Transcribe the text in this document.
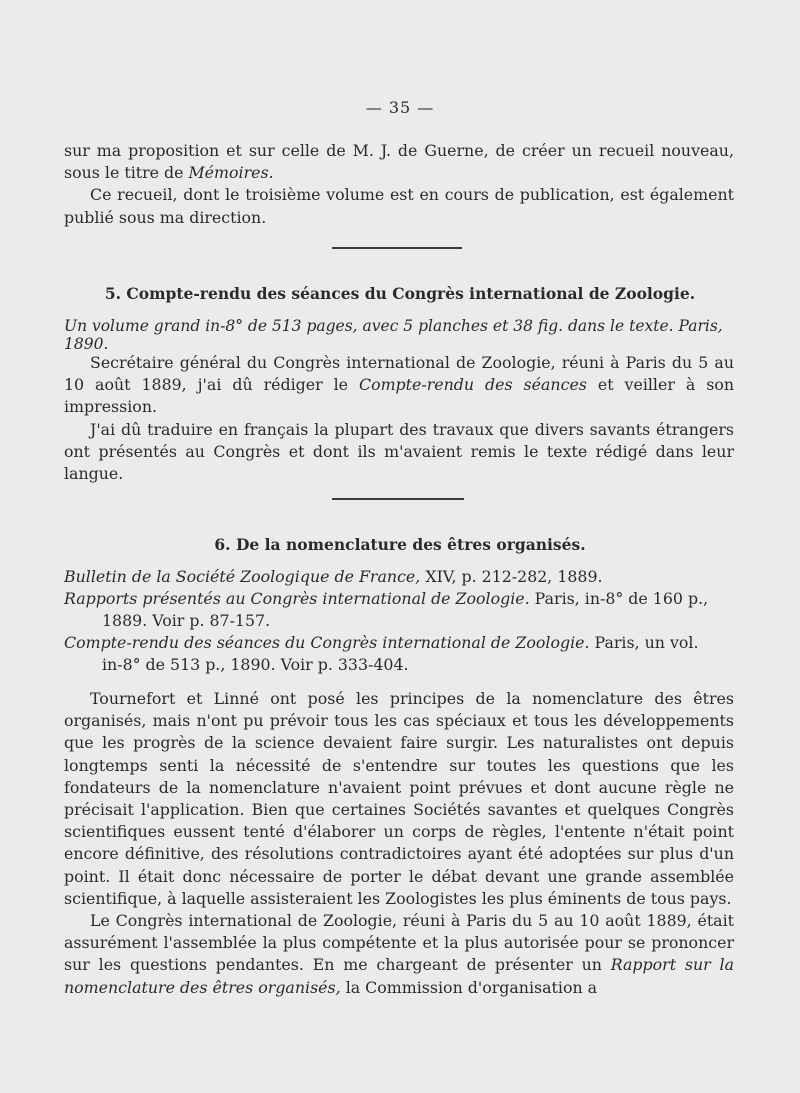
— 35 —

sur ma proposition et sur celle de M. J. de Guerne, de créer un recueil nouveau, sous le titre de Mémoires.

Ce recueil, dont le troisième volume est en cours de publication, est également publié sous ma direction.

5. Compte-rendu des séances du Congrès international de Zoologie.
Un volume grand in-8° de 513 pages, avec 5 planches et 38 fig. dans le texte. Paris, 1890.

Secrétaire général du Congrès international de Zoologie, réuni à Paris du 5 au 10 août 1889, j'ai dû rédiger le Compte-rendu des séances et veiller à son impression.

J'ai dû traduire en français la plupart des travaux que divers savants étrangers ont présentés au Congrès et dont ils m'avaient remis le texte rédigé dans leur langue.

6. De la nomenclature des êtres organisés.
Bulletin de la Société Zoologique de France, XIV, p. 212-282, 1889.
Rapports présentés au Congrès international de Zoologie. Paris, in-8° de 160 p.,
1889. Voir p. 87-157.
Compte-rendu des séances du Congrès international de Zoologie. Paris, un vol.
in-8° de 513 p., 1890. Voir p. 333-404.

Tournefort et Linné ont posé les principes de la nomenclature des êtres organisés, mais n'ont pu prévoir tous les cas spéciaux et tous les développements que les progrès de la science devaient faire surgir. Les naturalistes ont depuis longtemps senti la nécessité de s'entendre sur toutes les questions que les fondateurs de la nomenclature n'avaient point prévues et dont aucune règle ne précisait l'application. Bien que certaines Sociétés savantes et quelques Congrès scientifiques eussent tenté d'élaborer un corps de règles, l'entente n'était point encore définitive, des résolutions contradictoires ayant été adoptées sur plus d'un point. Il était donc nécessaire de porter le débat devant une grande assemblée scientifique, à laquelle assisteraient les Zoologistes les plus éminents de tous pays.

Le Congrès international de Zoologie, réuni à Paris du 5 au 10 août 1889, était assurément l'assemblée la plus compétente et la plus autorisée pour se prononcer sur les questions pendantes. En me chargeant de présenter un Rapport sur la nomenclature des êtres organisés, la Commission d'organisation a
